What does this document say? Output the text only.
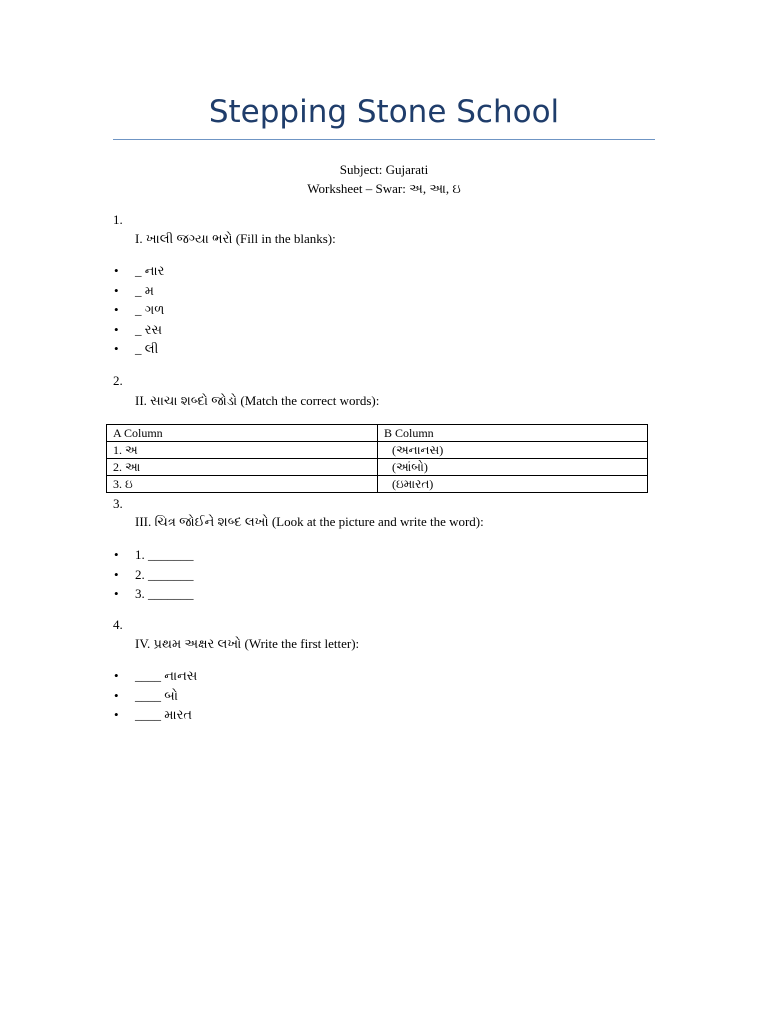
Stepping Stone School
Subject: Gujarati
Worksheet – Swar: અ, આ, ઇ
1.
I. ખાલી જગ્યા ભરો (Fill in the blanks):
• _ નાર
• _ મ
• _ ગળ
• _ રસ
• _ લી
2.
II. સાચા શબ્દો જોડો (Match the correct words):
A Column	B Column
1. અ	(અનાનસ)
2. આ	(આંબો)
3. ઇ	(ઇમારત)
3.
III. ચિત્ર જોઈને શબ્દ લખો (Look at the picture and write the word):
• 1. _______
• 2. _______
• 3. _______
4.
IV. પ્રથમ અક્ષર લખો (Write the first letter):
• ____ નાનસ
• ____ બો
• ____ મારત
